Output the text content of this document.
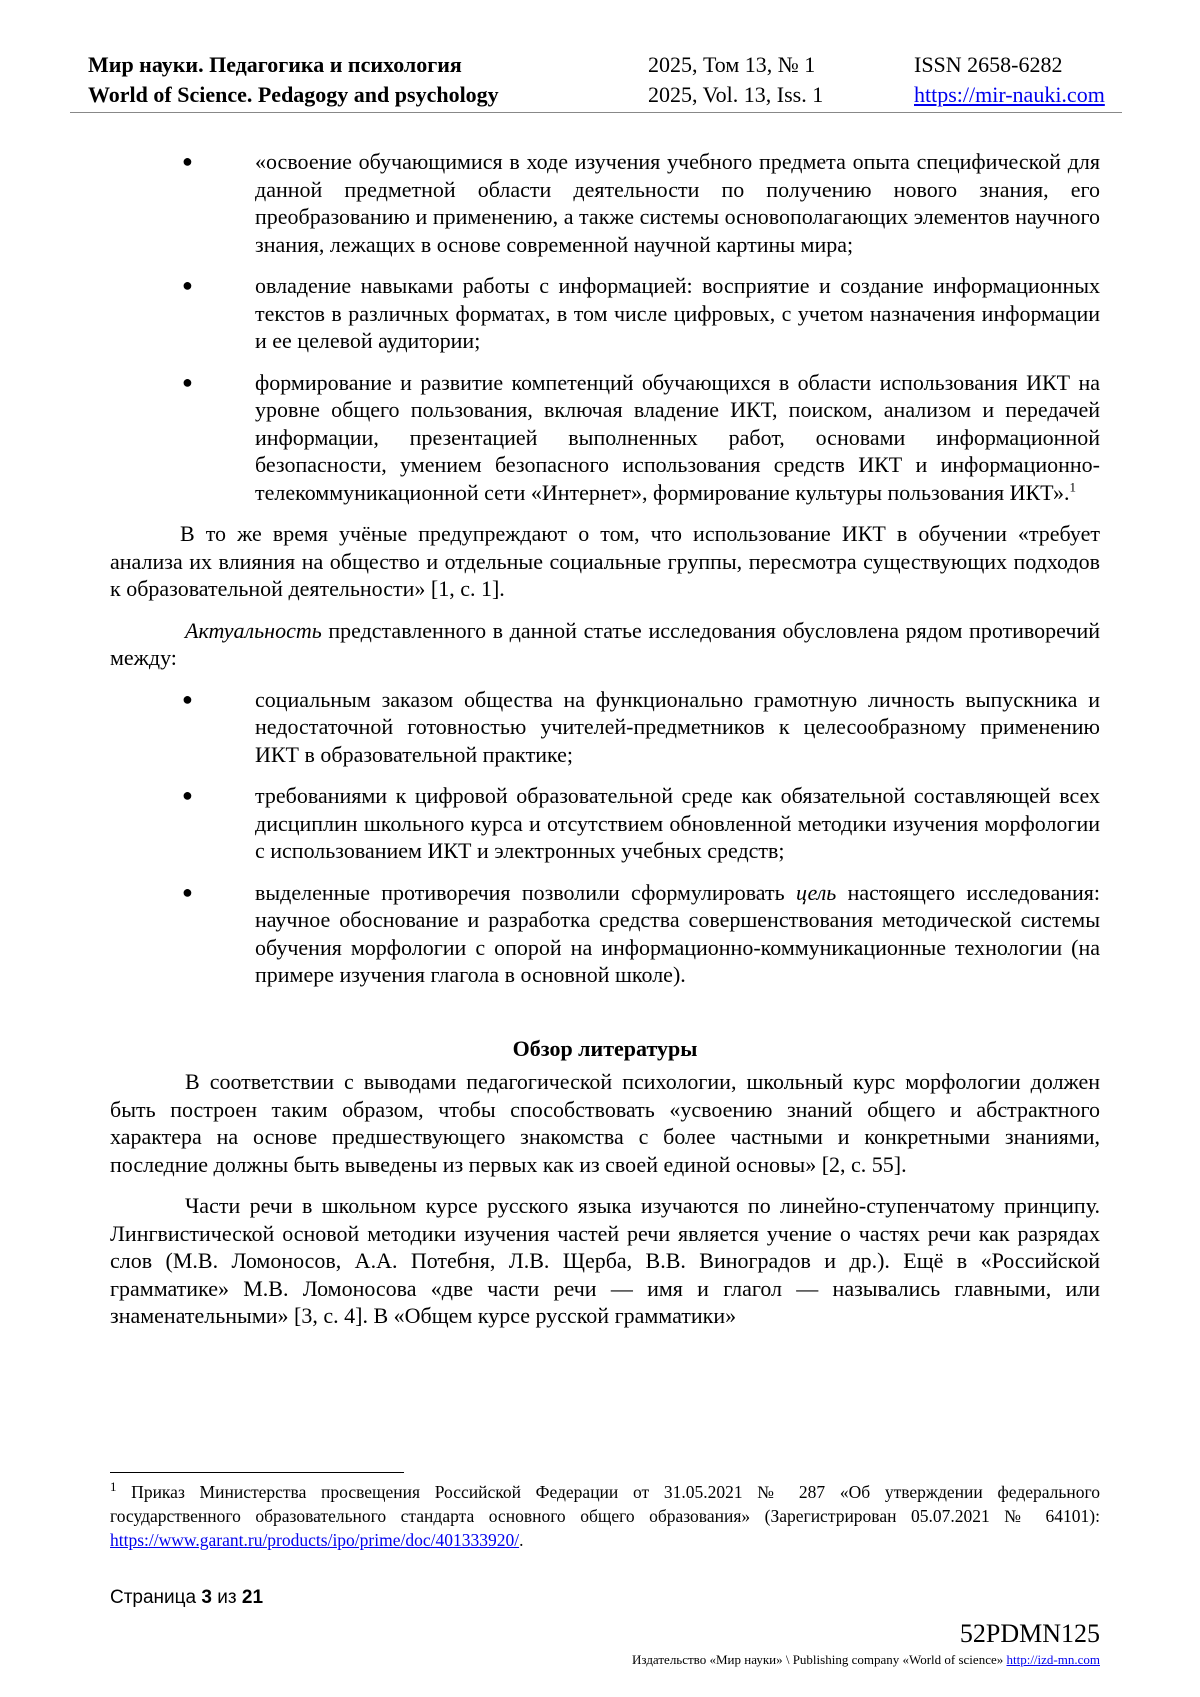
Мир науки. Педагогика и психология
World of Science. Pedagogy and psychology
2025, Том 13, № 1
2025, Vol. 13, Iss. 1
ISSN 2658-6282
https://mir-nauki.com
●	«освоение обучающимися в ходе изучения учебного предмета опыта специфической для данной предметной области деятельности по получению нового знания, его преобразованию и применению, а также системы основополагающих элементов научного знания, лежащих в основе современной научной картины мира;
●	овладение навыками работы с информацией: восприятие и создание информационных текстов в различных форматах, в том числе цифровых, с учетом назначения информации и ее целевой аудитории;
●	формирование и развитие компетенций обучающихся в области использования ИКТ на уровне общего пользования, включая владение ИКТ, поиском, анализом и передачей информации, презентацией выполненных работ, основами информационной безопасности, умением безопасного использования средств ИКТ и информационно-телекоммуникационной сети «Интернет», формирование культуры пользования ИКТ».$^1$

В то же время учёные предупреждают о том, что использование ИКТ в обучении «требует анализа их влияния на общество и отдельные социальные группы, пересмотра существующих подходов к образовательной деятельности» [1, с. 1].

Актуальность представленного в данной статье исследования обусловлена рядом противоречий между:

●	социальным заказом общества на функционально грамотную личность выпускника и недостаточной готовностью учителей-предметников к целесообразному применению ИКТ в образовательной практике;
●	требованиями к цифровой образовательной среде как обязательной составляющей всех дисциплин школьного курса и отсутствием обновленной методики изучения морфологии с использованием ИКТ и электронных учебных средств;
●	выделенные противоречия позволили сформулировать цель настоящего исследования: научное обоснование и разработка средства совершенствования методической системы обучения морфологии с опорой на информационно-коммуникационные технологии (на примере изучения глагола в основной школе).
Обзор литературы

В соответствии с выводами педагогической психологии, школьный курс морфологии должен быть построен таким образом, чтобы способствовать «усвоению знаний общего и абстрактного характера на основе предшествующего знакомства с более частными и конкретными знаниями, последние должны быть выведены из первых как из своей единой основы» [2, с. 55].

Части речи в школьном курсе русского языка изучаются по линейно-ступенчатому принципу. Лингвистической основой методики изучения частей речи является учение о частях речи как разрядах слов (М.В. Ломоносов, А.А. Потебня, Л.В. Щерба, В.В. Виноградов и др.). Ещё в «Российской грамматике» М.В. Ломоносова «две части речи — имя и глагол — назывались главными, или знаменательными» [3, с. 4]. В «Общем курсе русской грамматики»

$^1$ Приказ Министерства просвещения Российской Федерации от 31.05.2021 № 287 «Об утверждении федерального государственного образовательного стандарта основного общего образования» (Зарегистрирован 05.07.2021 № 64101): https://www.garant.ru/products/ipo/prime/doc/401333920/.
Страница 3 из 21
52PDMN125
Издательство «Мир науки» \ Publishing company «World of science» http://izd-mn.com
